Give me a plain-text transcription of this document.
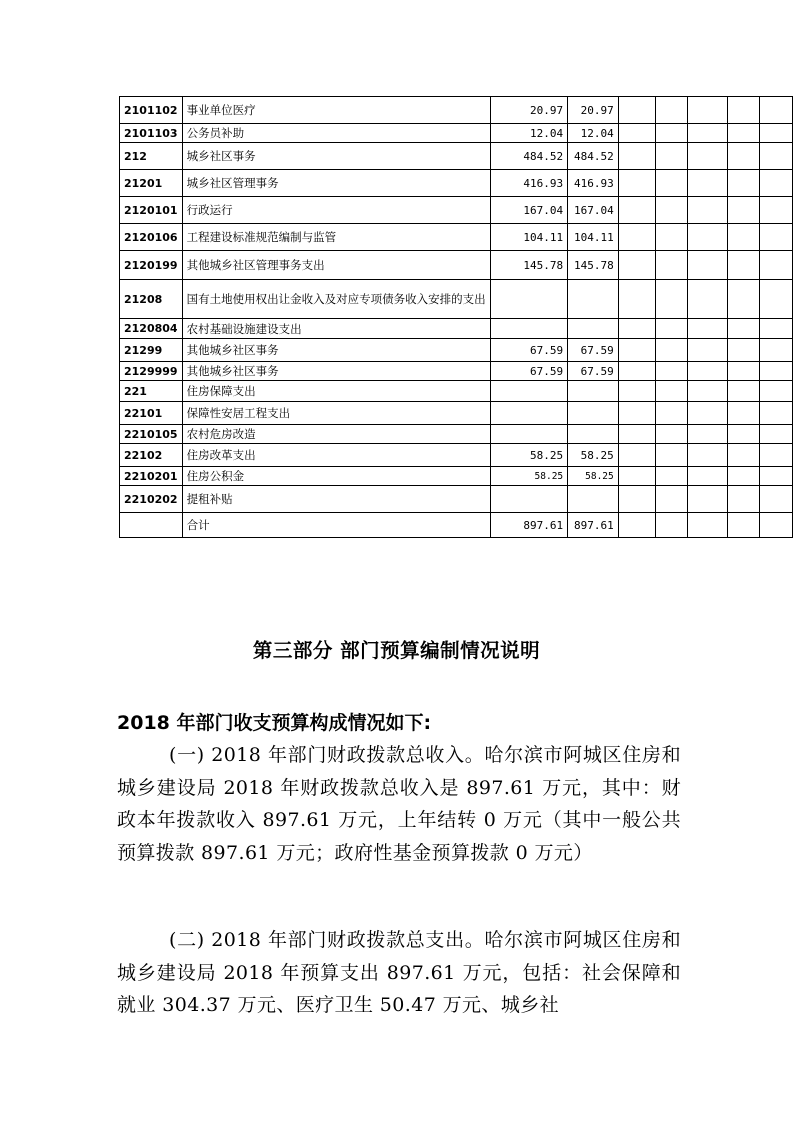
2101102	事业单位医疗	20.97	20.97					
2101103	公务员补助	12.04	12.04					
212	城乡社区事务	484.52	484.52					
21201	城乡社区管理事务	416.93	416.93					
2120101	行政运行	167.04	167.04					
2120106	工程建设标准规范编制与监管	104.11	104.11					
2120199	其他城乡社区管理事务支出	145.78	145.78					
21208	国有土地使用权出让金收入及对应专项债务收入安排的支出							
2120804	农村基础设施建设支出							
21299	其他城乡社区事务	67.59	67.59					
2129999	其他城乡社区事务	67.59	67.59					
221	住房保障支出							
22101	保障性安居工程支出							
2210105	农村危房改造							
22102	住房改革支出	58.25	58.25					
2210201	住房公积金	58.25	58.25					
2210202	提租补贴							
	合计	897.61	897.61					
第三部分 部门预算编制情况说明

2018 年部门收支预算构成情况如下:

(一) 2018 年部门财政拨款总收入。哈尔滨市阿城区住房和城乡建设局 2018 年财政拨款总收入是 897.61 万元，其中：财政本年拨款收入 897.61 万元，上年结转 0 万元（其中一般公共预算拨款 897.61 万元；政府性基金预算拨款 0 万元）

(二) 2018 年部门财政拨款总支出。哈尔滨市阿城区住房和城乡建设局 2018 年预算支出 897.61 万元，包括：社会保障和就业 304.37 万元、医疗卫生 50.47 万元、城乡社
